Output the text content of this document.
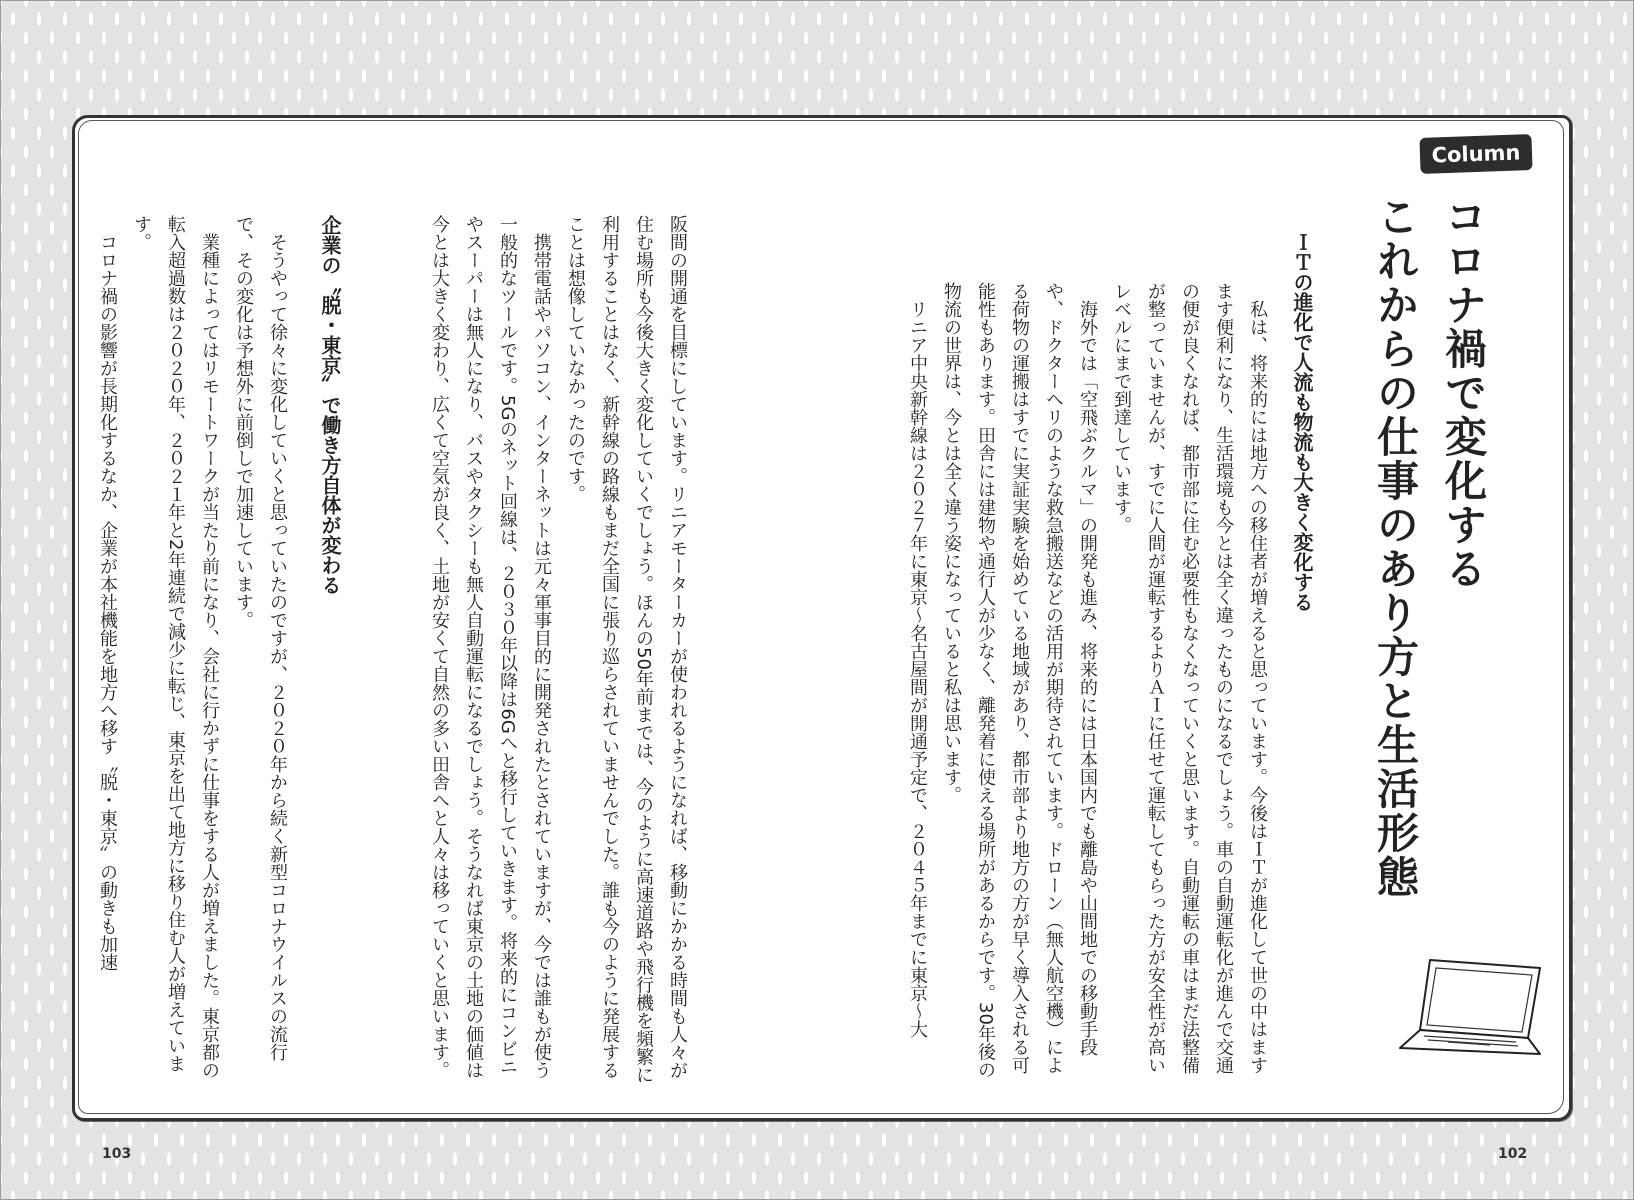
Column
コロナ禍で変化する
これからの仕事のあり方と生活形態
ＩＴの進化で人流も物流も大きく変化する

私は、将来的には地方への移住者が増えると思っています。今後はＩＴが進化して世の中はますます便利になり、生活環境も今とは全く違ったものになるでしょう。車の自動運転化が進んで交通の便が良くなれば、都市部に住む必要性もなくなっていくと思います。自動運転の車はまだ法整備が整っていませんが、すでに人間が運転するよりＡＩに任せて運転してもらった方が安全性が高いレベルにまで到達しています。

海外では「空飛ぶクルマ」の開発も進み、将来的には日本国内でも離島や山間地での移動手段や、ドクターヘリのような救急搬送などの活用が期待されています。ドローン（無人航空機）による荷物の運搬はすでに実証実験を始めている地域があり、都市部より地方の方が早く導入される可能性もあります。田舎には建物や通行人が少なく、離発着に使える場所があるからです。30年後の物流の世界は、今とは全く違う姿になっていると私は思います。

リニア中央新幹線は２０２７年に東京〜名古屋間が開通予定で、２０４５年までに東京〜大

阪間の開通を目標にしています。リニアモーターカーが使われるようになれば、移動にかかる時間も人々が住む場所も今後大きく変化していくでしょう。ほんの50年前までは、今のように高速道路や飛行機を頻繁に利用することはなく、新幹線の路線もまだ全国に張り巡らされていませんでした。誰も今のように発展することは想像していなかったのです。

携帯電話やパソコン、インターネットは元々軍事目的に開発されたとされていますが、今では誰もが使う一般的なツールです。5Gのネット回線は、２０３０年以降は6Gへと移行していきます。将来的にコンビニやスーパーは無人になり、バスやタクシーも無人自動運転になるでしょう。そうなれば東京の土地の価値は今とは大きく変わり、広くて空気が良く、土地が安くて自然の多い田舎へと人々は移っていくと思います。

企業の〝脱・東京〟で働き方自体が変わる

そうやって徐々に変化していくと思っていたのですが、２０２０年から続く新型コロナウイルスの流行で、その変化は予想外に前倒しで加速しています。

業種によってはリモートワークが当たり前になり、会社に行かずに仕事をする人が増えました。東京都の転入超過数は２０２０年、２０２１年と2年連続で減少に転じ、東京を出て地方に移り住む人が増えています。

コロナ禍の影響が長期化するなか、企業が本社機能を地方へ移す〝脱・東京〟の動きも加速

103	102
